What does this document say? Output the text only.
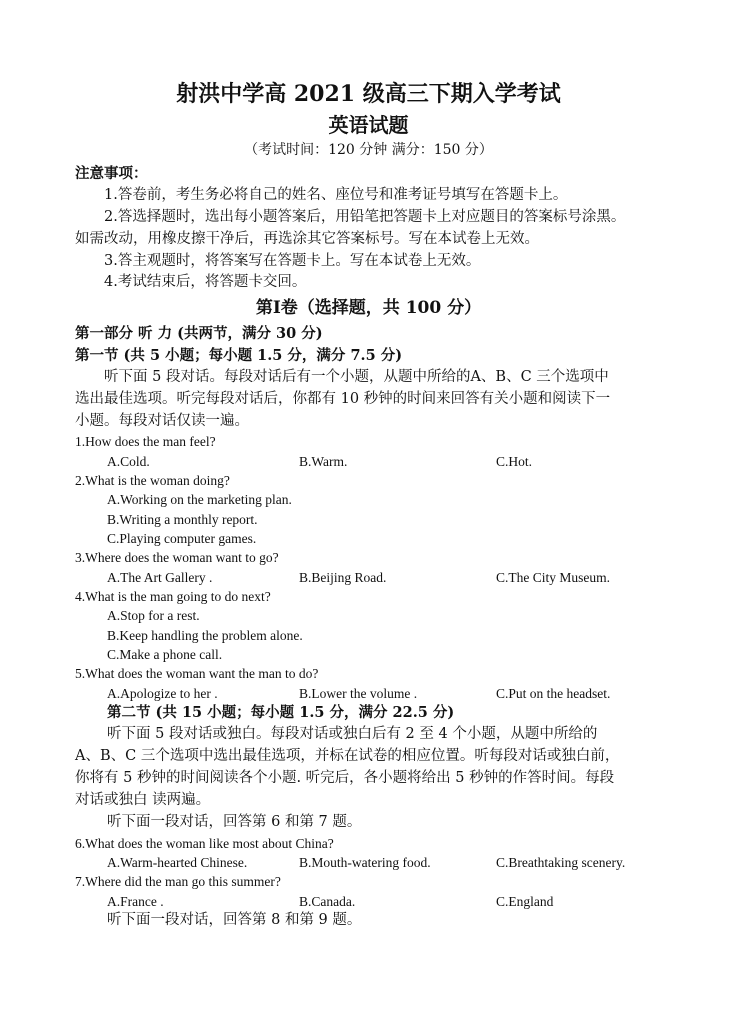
射洪中学高 2021 级高三下期入学考试
英语试题
（考试时间：120 分钟 满分：150 分）
注意事项：
1.答卷前，考生务必将自己的姓名、座位号和准考证号填写在答题卡上。
2.答选择题时，选出每小题答案后，用铅笔把答题卡上对应题目的答案标号涂黑。
如需改动，用橡皮擦干净后，再选涂其它答案标号。写在本试卷上无效。
3.答主观题时，将答案写在答题卡上。写在本试卷上无效。
4.考试结束后，将答题卡交回。
第Ⅰ卷（选择题，共 100 分）
第一部分 听 力 (共两节，满分 30 分)
第一节 (共 5 小题；每小题 1.5 分，满分 7.5 分)
听下面 5 段对话。每段对话后有一个小题，从题中所给的A、B、C 三个选项中
选出最佳选项。听完每段对话后，你都有 10 秒钟的时间来回答有关小题和阅读下一
小题。每段对话仅读一遍。
1.How does the man feel?
A.Cold.	B.Warm.	C.Hot.
2.What is the woman doing?
A.Working on the marketing plan.
B.Writing a monthly report.
C.Playing computer games.
3.Where does the woman want to go?
A.The Art Gallery .	B.Beijing Road.	C.The City Museum.
4.What is the man going to do next?
A.Stop for a rest.
B.Keep handling the problem alone.
C.Make a phone call.
5.What does the woman want the man to do?
A.Apologize to her .	B.Lower the volume .	C.Put on the headset.
第二节 (共 15 小题；每小题 1.5 分，满分 22.5 分)
听下面 5 段对话或独白。每段对话或独白后有 2 至 4 个小题，从题中所给的
A、B、C 三个选项中选出最佳选项，并标在试卷的相应位置。听每段对话或独白前，
你将有 5 秒钟的时间阅读各个小题. 听完后，各小题将给出 5 秒钟的作答时间。每段
对话或独白 读两遍。
听下面一段对话，回答第 6 和第 7 题。
6.What does the woman like most about China?
A.Warm-hearted Chinese.	B.Mouth-watering food.	C.Breathtaking scenery.
7.Where did the man go this summer?
A.France .	B.Canada.	C.England
听下面一段对话，回答第 8 和第 9 题。
